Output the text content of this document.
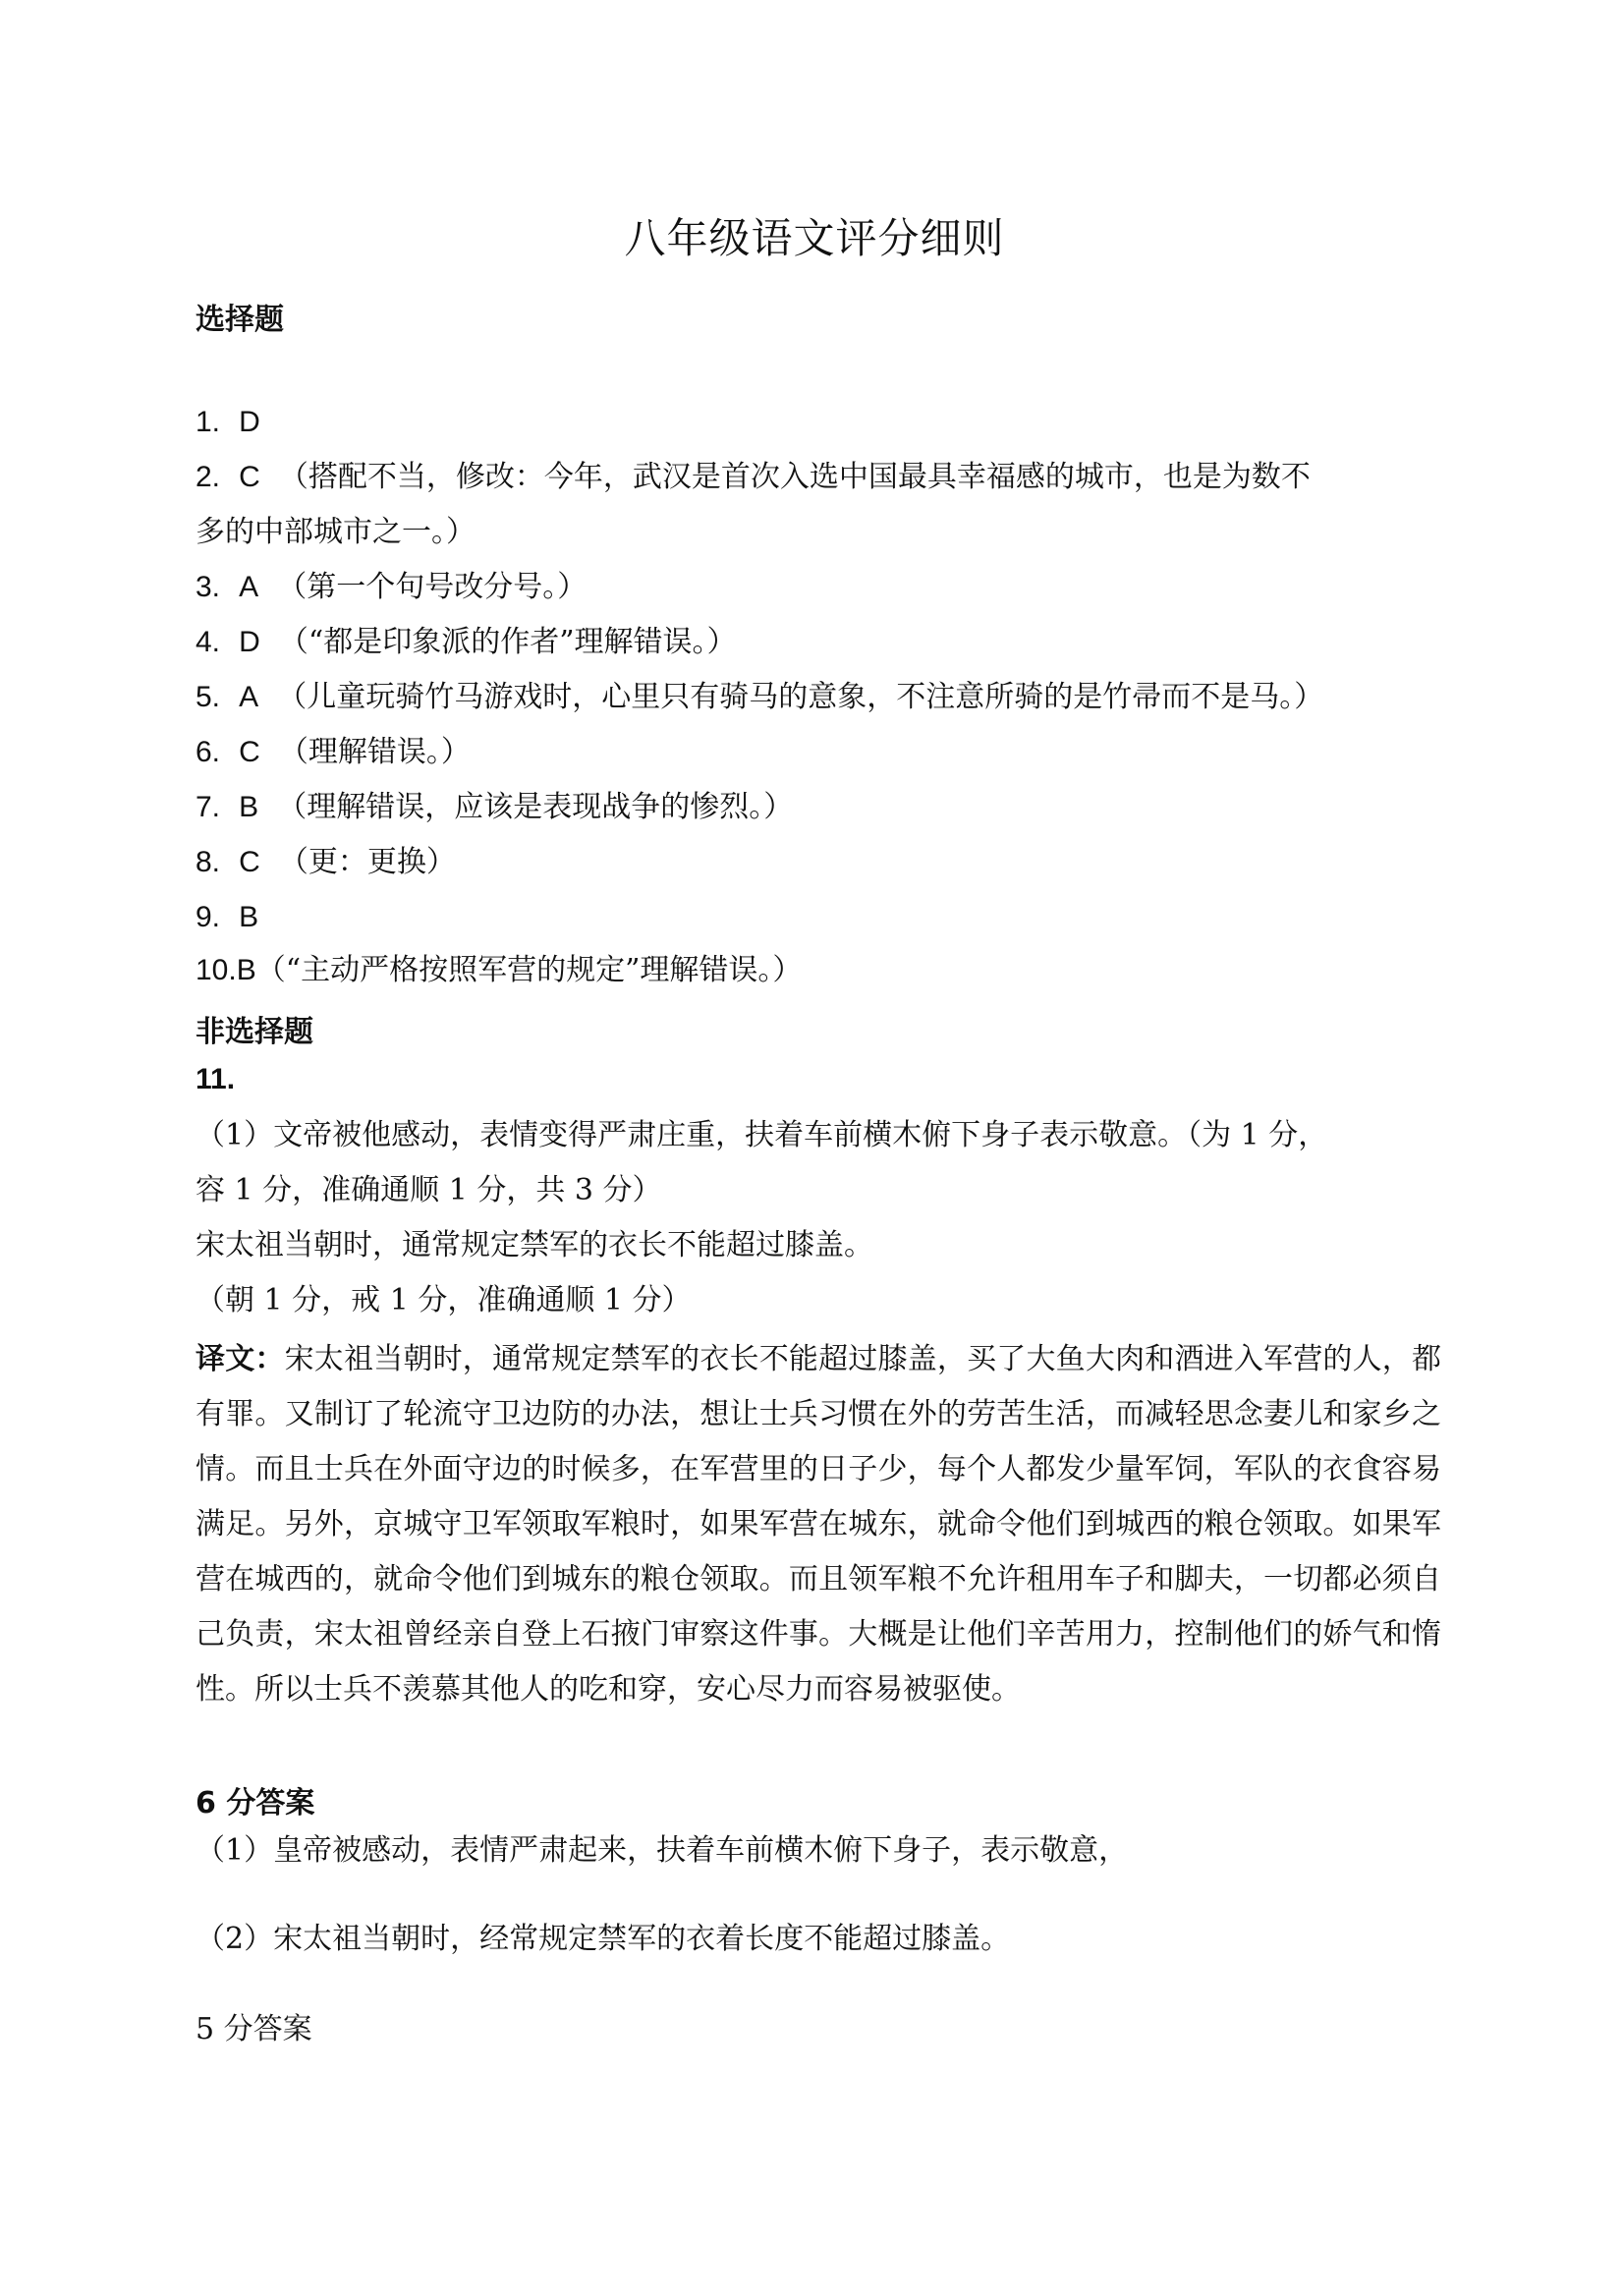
八年级语文评分细则
选择题
1. D
2. C （搭配不当，修改：今年，武汉是首次入选中国最具幸福感的城市，也是为数不
多的中部城市之一。）
3. A （第一个句号改分号。）
4. D （“都是印象派的作者”理解错误。）
5. A （儿童玩骑竹马游戏时，心里只有骑马的意象，不注意所骑的是竹帚而不是马。）
6. C （理解错误。）
7. B （理解错误，应该是表现战争的惨烈。）
8. C （更：更换）
9. B
10.B（“主动严格按照军营的规定”理解错误。）
非选择题
11.
（1）文帝被他感动，表情变得严肃庄重，扶着车前横木俯下身子表示敬意。（为 1 分，
容 1 分，准确通顺 1 分，共 3 分）
宋太祖当朝时，通常规定禁军的衣长不能超过膝盖。
（朝 1 分，戒 1 分，准确通顺 1 分）

译文：宋太祖当朝时，通常规定禁军的衣长不能超过膝盖，买了大鱼大肉和酒进入军营的人，都有罪。又制订了轮流守卫边防的办法，想让士兵习惯在外的劳苦生活，而减轻思念妻儿和家乡之情。而且士兵在外面守边的时候多，在军营里的日子少，每个人都发少量军饲，军队的衣食容易满足。另外，京城守卫军领取军粮时，如果军营在城东，就命令他们到城西的粮仓领取。如果军营在城西的，就命令他们到城东的粮仓领取。而且领军粮不允许租用车子和脚夫，一切都必须自己负责，宋太祖曾经亲自登上石掖门审察这件事。大概是让他们辛苦用力，控制他们的娇气和惰性。所以士兵不羡慕其他人的吃和穿，安心尽力而容易被驱使。

6 分答案
（1）皇帝被感动，表情严肃起来，扶着车前横木俯下身子，表示敬意，
（2）宋太祖当朝时，经常规定禁军的衣着长度不能超过膝盖。
5 分答案
